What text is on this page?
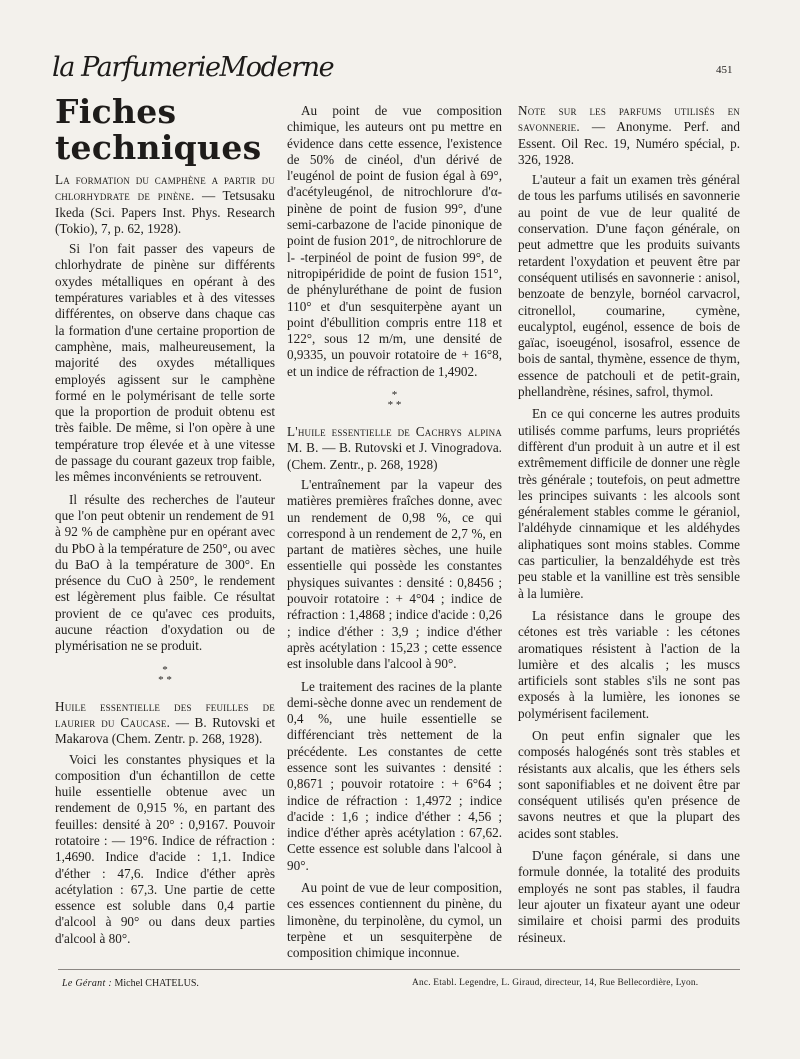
la ParfumerieModerne	451
Fiches techniques
La formation du camphène a partir du chlorhydrate de pinène. — Tetsusaku Ikeda (Sci. Papers Inst. Phys. Research (Tokio), 7, p. 62, 1928).

Si l'on fait passer des vapeurs de chlorhydrate de pinène sur différents oxydes métalliques en opérant à des températures variables et à des vitesses différentes, on observe dans chaque cas la formation d'une certaine proportion de camphène, mais, malheureusement, la majorité des oxydes métalliques employés agissent sur le camphène formé en le polymérisant de telle sorte que la proportion de produit obtenu est très faible. De même, si l'on opère à une température trop élevée et à une vitesse de passage du courant gazeux trop faible, les mêmes inconvénients se retrouvent.

Il résulte des recherches de l'auteur que l'on peut obtenir un rendement de 91 à 92 % de camphène pur en opérant avec du PbO à la température de 250°, ou avec du BaO à la température de 300°. En présence du CuO à 250°, le rendement est légèrement plus faible. Ce résultat provient de ce qu'avec ces produits, aucune réaction d'oxydation ou de plymérisation ne se produit.

*
* *
Huile essentielle des feuilles de laurier du Caucase. — B. Rutovski et Makarova (Chem. Zentr. p. 268, 1928).

Voici les constantes physiques et la composition d'un échantillon de cette huile essentielle obtenue avec un rendement de 0,915 %, en partant des feuilles: densité à 20° : 0,9167. Pouvoir rotatoire : — 19°6. Indice de réfraction : 1,4690. Indice d'acide : 1,1. Indice d'éther : 47,6. Indice d'éther après acétylation : 67,3. Une partie de cette essence est soluble dans 0,4 partie d'alcool à 90° ou dans deux parties d'alcool à 80°.

Au point de vue composition chimique, les auteurs ont pu mettre en évidence dans cette essence, l'existence de 50% de cinéol, d'un dérivé de l'eugénol de point de fusion égal à 69°, d'acétyleugénol, de nitrochlorure d'α-pinène de point de fusion 99°, d'une semi-carbazone de l'acide pinonique de point de fusion 201°, de nitrochlorure de l- -terpinéol de point de fusion 99°, de nitropipéridide de point de fusion 151°, de phényluréthane de point de fusion 110° et d'un sesquiterpène ayant un point d'ébullition compris entre 118 et 122°, sous 12 m/m, une densité de 0,9335, un pouvoir rotatoire de + 16°8, et un indice de réfraction de 1,4902.

*
* *
L'huile essentielle de Cachrys alpina M. B. — B. Rutovski et J. Vinogradova. (Chem. Zentr., p. 268, 1928)

L'entraînement par la vapeur des matières premières fraîches donne, avec un rendement de 0,98 %, ce qui correspond à un rendement de 2,7 %, en partant de matières sèches, une huile essentielle qui possède les constantes physiques suivantes : densité : 0,8456 ; pouvoir rotatoire : + 4°04 ; indice de réfraction : 1,4868 ; indice d'acide : 0,26 ; indice d'éther : 3,9 ; indice d'éther après acétylation : 15,23 ; cette essence est insoluble dans l'alcool à 90°.

Le traitement des racines de la plante demi-sèche donne avec un rendement de 0,4 %, une huile essentielle se différenciant très nettement de la précédente. Les constantes de cette essence sont les suivantes : densité : 0,8671 ; pouvoir rotatoire : + 6°64 ; indice de réfraction : 1,4972 ; indice d'acide : 1,6 ; indice d'éther : 4,56 ; indice d'éther après acétylation : 67,62. Cette essence est soluble dans l'alcool à 90°.

Au point de vue de leur composition, ces essences contiennent du pinène, du limonène, du terpinolène, du cymol, un terpène et un sesquiterpène de composition chimique inconnue.

Note sur les parfums utilisés en savonnerie. — Anonyme. Perf. and Essent. Oil Rec. 19, Numéro spécial, p. 326, 1928.

L'auteur a fait un examen très général de tous les parfums utilisés en savonnerie au point de vue de leur qualité de conservation. D'une façon générale, on peut admettre que les produits suivants retardent l'oxydation et peuvent être par conséquent utilisés en savonnerie : anisol, benzoate de benzyle, bornéol carvacrol, citronellol, coumarine, cymène, eucalyptol, eugénol, essence de bois de gaïac, isoeugénol, isosafrol, essence de bois de santal, thymène, essence de thym, essence de patchouli et de petit-grain, phellandrène, résines, safrol, thymol.

En ce qui concerne les autres produits utilisés comme parfums, leurs propriétés diffèrent d'un produit à un autre et il est extrêmement difficile de donner une règle très générale ; toutefois, on peut admettre les principes suivants : les alcools sont généralement stables comme le géraniol, l'aldéhyde cinnamique et les aldéhydes aliphatiques sont moins stables. Comme cas particulier, la benzaldéhyde est très peu stable et la vanilline est très sensible à la lumière.

La résistance dans le groupe des cétones est très variable : les cétones aromatiques résistent à l'action de la lumière et des alcalis ; les muscs artificiels sont stables s'ils ne sont pas exposés à la lumière, les ionones se polymérisent facilement.

On peut enfin signaler que les composés halogénés sont très stables et résistants aux alcalis, que les éthers sels sont saponifiables et ne doivent être par conséquent utilisés qu'en présence de savons neutres et que la plupart des acides sont stables.

D'une façon générale, si dans une formule donnée, la totalité des produits employés ne sont pas stables, il faudra leur ajouter un fixateur ayant une odeur similaire et choisi parmi des produits résineux.

Le Gérant : Michel CHATELUS.	Anc. Etabl. Legendre, L. Giraud, directeur, 14, Rue Bellecordière, Lyon.
